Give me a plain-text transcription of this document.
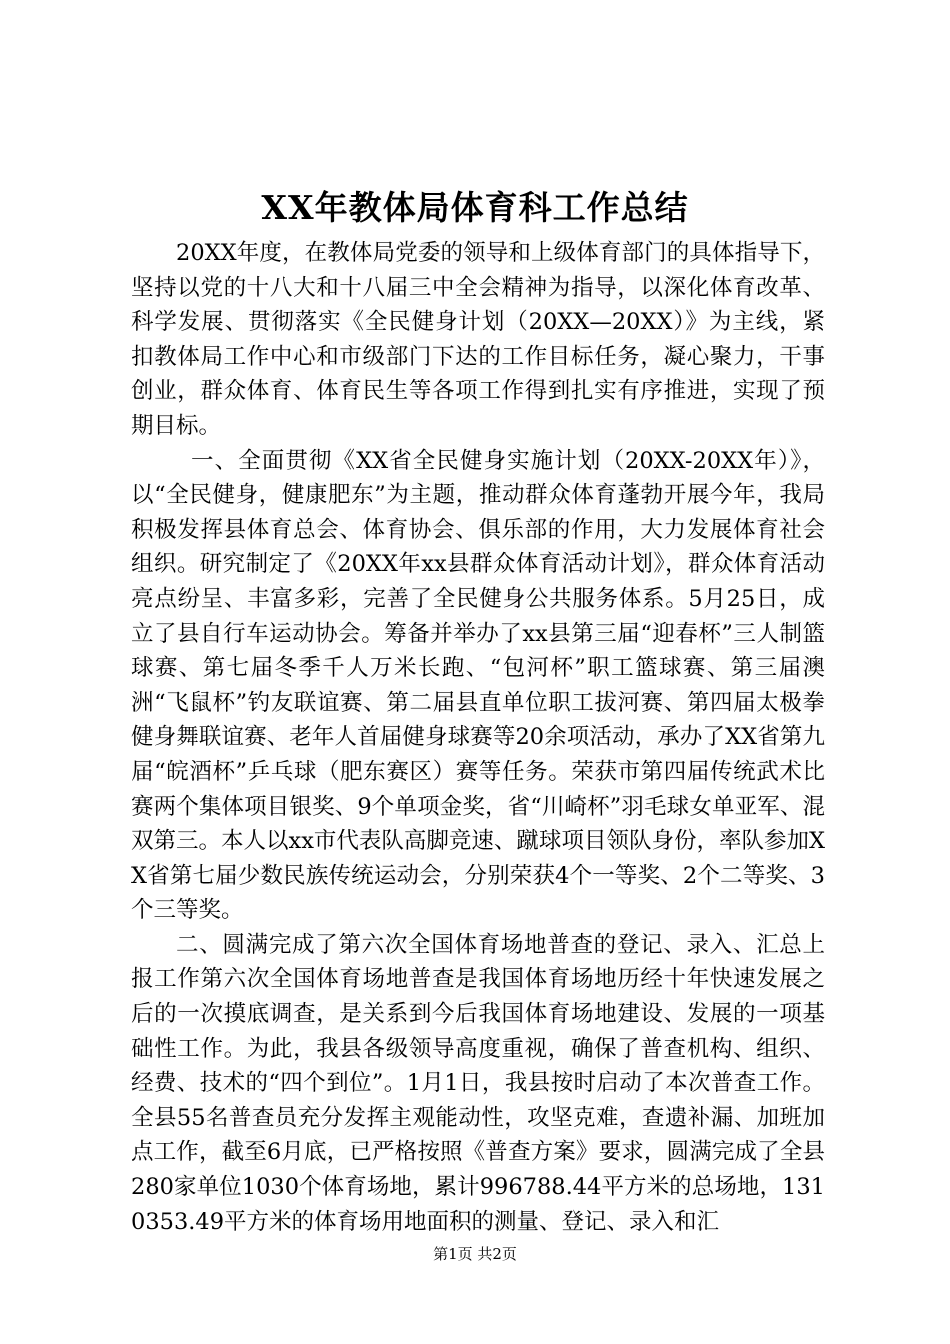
XX年教体局体育科工作总结

20XX年度，在教体局党委的领导和上级体育部门的具体指导下，坚持以党的十八大和十八届三中全会精神为指导，以深化体育改革、科学发展、贯彻落实《全民健身计划（20XX—20XX）》为主线，紧扣教体局工作中心和市级部门下达的工作目标任务，凝心聚力，干事创业，群众体育、体育民生等各项工作得到扎实有序推进，实现了预期目标。

一、全面贯彻《XX省全民健身实施计划（20XX-20XX年）》，以“全民健身，健康肥东”为主题，推动群众体育蓬勃开展今年，我局积极发挥县体育总会、体育协会、俱乐部的作用，大力发展体育社会组织。研究制定了《20XX年xx县群众体育活动计划》，群众体育活动亮点纷呈、丰富多彩，完善了全民健身公共服务体系。5月25日，成立了县自行车运动协会。筹备并举办了xx县第三届“迎春杯”三人制篮球赛、第七届冬季千人万米长跑、“包河杯”职工篮球赛、第三届澳洲“飞鼠杯”钓友联谊赛、第二届县直单位职工拔河赛、第四届太极拳健身舞联谊赛、老年人首届健身球赛等20余项活动，承办了XX省第九届“皖酒杯”乒乓球（肥东赛区）赛等任务。荣获市第四届传统武术比赛两个集体项目银奖、9个单项金奖，省“川崎杯”羽毛球女单亚军、混双第三。本人以xx市代表队高脚竞速、蹴球项目领队身份，率队参加XX省第七届少数民族传统运动会，分别荣获4个一等奖、2个二等奖、3个三等奖。

二、圆满完成了第六次全国体育场地普查的登记、录入、汇总上报工作第六次全国体育场地普查是我国体育场地历经十年快速发展之后的一次摸底调查，是关系到今后我国体育场地建设、发展的一项基础性工作。为此，我县各级领导高度重视，确保了普查机构、组织、经费、技术的“四个到位”。1月1日，我县按时启动了本次普查工作。全县55名普查员充分发挥主观能动性，攻坚克难，查遗补漏、加班加点工作，截至6月底，已严格按照《普查方案》要求，圆满完成了全县280家单位1030个体育场地，累计996788.44平方米的总场地，1310353.49平方米的体育场用地面积的测量、登记、录入和汇

第1页 共2页
